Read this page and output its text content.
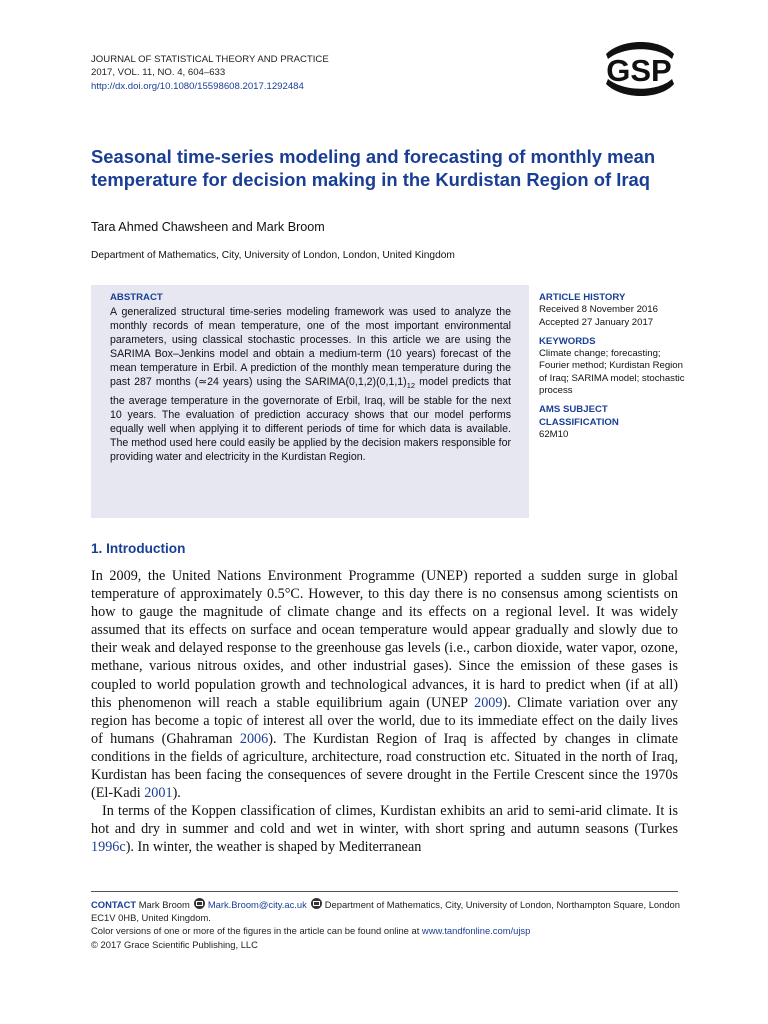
JOURNAL OF STATISTICAL THEORY AND PRACTICE
2017, VOL. 11, NO. 4, 604–633
http://dx.doi.org/10.1080/15598608.2017.1292484	GSP
Seasonal time-series modeling and forecasting of monthly mean temperature for decision making in the Kurdistan Region of Iraq
Tara Ahmed Chawsheen and Mark Broom
Department of Mathematics, City, University of London, London, United Kingdom
ABSTRACT
A generalized structural time-series modeling framework was used to analyze the monthly records of mean temperature, one of the most important environmental parameters, using classical stochastic processes. In this article we are using the SARIMA Box–Jenkins model and obtain a medium-term (10 years) forecast of the mean temperature in Erbil. A prediction of the monthly mean temperature during the past 287 months (≃24 years) using the $SARIMA(0,1,2)(0,1,1)_{12}$ model predicts that the average temperature in the governorate of Erbil, Iraq, will be stable for the next 10 years. The evaluation of prediction accuracy shows that our model performs equally well when applying it to different periods of time for which data is available. The method used here could easily be applied by the decision makers responsible for providing water and electricity in the Kurdistan Region.
ARTICLE HISTORY
Received 8 November 2016
Accepted 27 January 2017
KEYWORDS
Climate change; forecasting; Fourier method; Kurdistan Region of Iraq; SARIMA model; stochastic process
AMS SUBJECT
CLASSIFICATION
62M10
1. Introduction

In 2009, the United Nations Environment Programme (UNEP) reported a sudden surge in global temperature of approximately 0.5°C. However, to this day there is no consensus among scientists on how to gauge the magnitude of climate change and its effects on a regional level. It was widely assumed that its effects on surface and ocean temperature would appear gradually and slowly due to their weak and delayed response to the greenhouse gas levels (i.e., carbon dioxide, water vapor, ozone, methane, various nitrous oxides, and other industrial gases). Since the emission of these gases is coupled to world population growth and technological advances, it is hard to predict when (if at all) this phenomenon will reach a stable equilibrium again (UNEP 2009). Climate variation over any region has become a topic of interest all over the world, due to its immediate effect on the daily lives of humans (Ghahraman 2006). The Kurdistan Region of Iraq is affected by changes in climate conditions in the fields of agriculture, architecture, road construction etc. Situated in the north of Iraq, Kurdistan has been facing the consequences of severe drought in the Fertile Crescent since the 1970s (El-Kadi 2001).

In terms of the Koppen classification of climes, Kurdistan exhibits an arid to semi-arid climate. It is hot and dry in summer and cold and wet in winter, with short spring and autumn seasons (Turkes 1996c). In winter, the weather is shaped by Mediterranean

CONTACT Mark Broom Mark.Broom@city.ac.uk Department of Mathematics, City, University of London, Northampton Square, London EC1V 0HB, United Kingdom.
Color versions of one or more of the figures in the article can be found online at www.tandfonline.com/ujsp
© 2017 Grace Scientific Publishing, LLC
